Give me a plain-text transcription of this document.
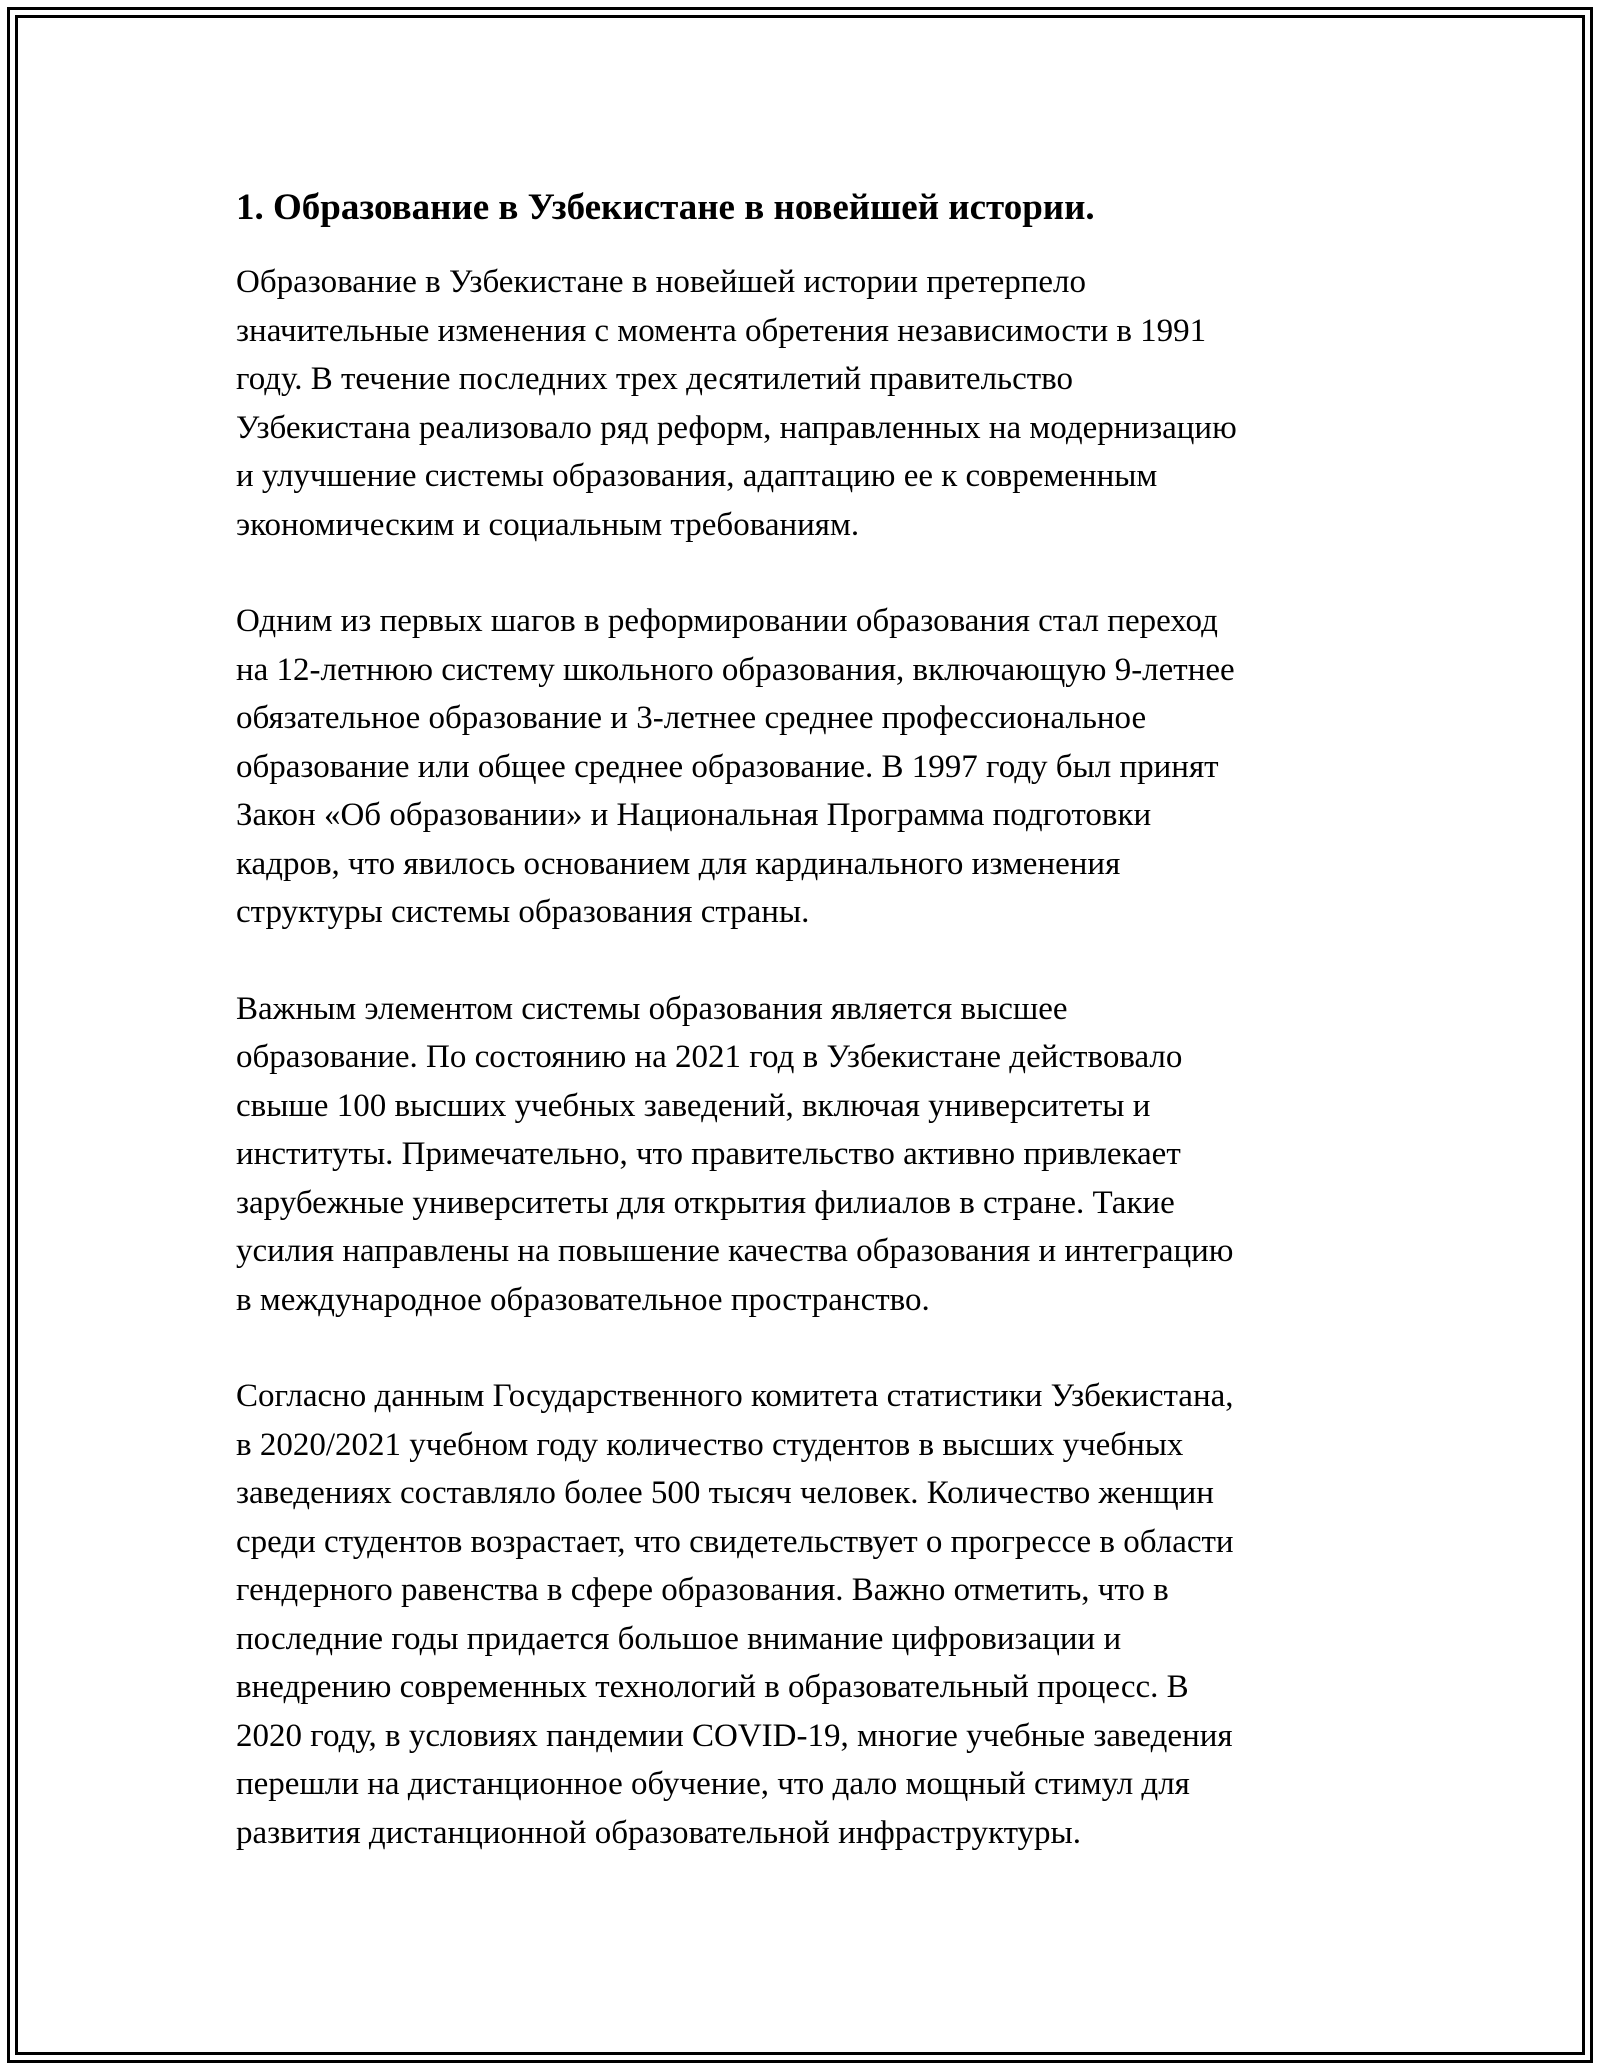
1. Образование в Узбекистане в новейшей истории.

Образование в Узбекистане в новейшей истории претерпело
значительные изменения с момента обретения независимости в 1991
году. В течение последних трех десятилетий правительство
Узбекистана реализовало ряд реформ, направленных на модернизацию
и улучшение системы образования, адаптацию ее к современным
экономическим и социальным требованиям.

Одним из первых шагов в реформировании образования стал переход
на 12-летнюю систему школьного образования, включающую 9-летнее
обязательное образование и 3-летнее среднее профессиональное
образование или общее среднее образование. В 1997 году был принят
Закон «Об образовании» и Национальная Программа подготовки
кадров, что явилось основанием для кардинального изменения
структуры системы образования страны.

Важным элементом системы образования является высшее
образование. По состоянию на 2021 год в Узбекистане действовало
свыше 100 высших учебных заведений, включая университеты и
институты. Примечательно, что правительство активно привлекает
зарубежные университеты для открытия филиалов в стране. Такие
усилия направлены на повышение качества образования и интеграцию
в международное образовательное пространство.

Согласно данным Государственного комитета статистики Узбекистана,
в 2020/2021 учебном году количество студентов в высших учебных
заведениях составляло более 500 тысяч человек. Количество женщин
среди студентов возрастает, что свидетельствует о прогрессе в области
гендерного равенства в сфере образования. Важно отметить, что в
последние годы придается большое внимание цифровизации и
внедрению современных технологий в образовательный процесс. В
2020 году, в условиях пандемии COVID-19, многие учебные заведения
перешли на дистанционное обучение, что дало мощный стимул для
развития дистанционной образовательной инфраструктуры.
